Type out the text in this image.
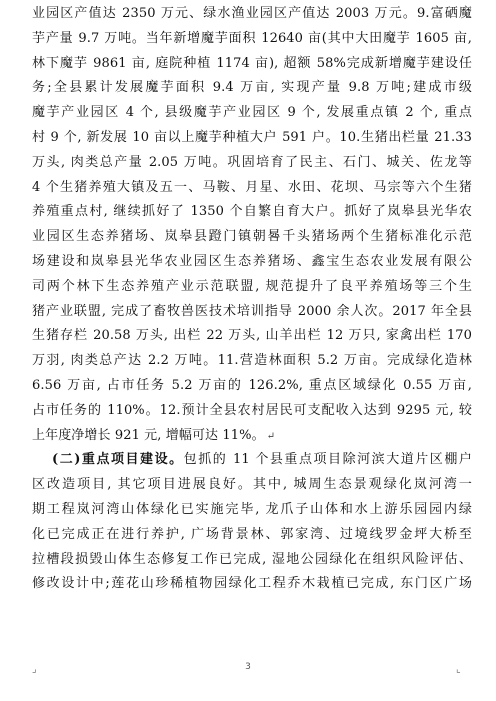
业园区产值达 2350 万元、绿水渔业园区产值达 2003 万元。9.富硒魔
芋产量 9.7 万吨。当年新增魔芋面积 12640 亩(其中大田魔芋 1605 亩,
林下魔芋 9861 亩, 庭院种植 1174 亩), 超额 58%完成新增魔芋建设任
务;全县累计发展魔芋面积 9.4 万亩, 实现产量 9.8 万吨;建成市级
魔芋产业园区 4 个, 县级魔芋产业园区 9 个, 发展重点镇 2 个, 重点
村 9 个, 新发展 10 亩以上魔芋种植大户 591 户。10.生猪出栏量 21.33
万头, 肉类总产量 2.05 万吨。巩固培育了民主、石门、城关、佐龙等
4 个生猪养殖大镇及五一、马鞍、月星、水田、花坝、马宗等六个生猪
养殖重点村, 继续抓好了 1350 个自繁自育大户。抓好了岚皋县光华农
业园区生态养猪场、岚皋县蹬门镇朝晷千头猪场两个生猪标准化示范
场建设和岚皋县光华农业园区生态养猪场、鑫宝生态农业发展有限公
司两个林下生态养殖产业示范联盟, 规范提升了良平养殖场等三个生
猪产业联盟, 完成了畜牧兽医技术培训指导 2000 余人次。2017 年全县
生猪存栏 20.58 万头, 出栏 22 万头, 山羊出栏 12 万只, 家禽出栏 170
万羽, 肉类总产达 2.2 万吨。11.营造林面积 5.2 万亩。完成绿化造林
6.56 万亩, 占市任务 5.2 万亩的 126.2%, 重点区域绿化 0.55 万亩,
占市任务的 110%。12.预计全县农村居民可支配收入达到 9295 元, 较
上年度净增长 921 元, 增幅可达 11%。 ↵
(二)重点项目建设。包抓的 11 个县重点项目除河滨大道片区棚户
区改造项目, 其它项目进展良好。其中, 城周生态景观绿化岚河湾一
期工程岚河湾山体绿化已实施完毕, 龙爪子山体和水上游乐园园内绿
化已完成正在进行养护, 广场背景林、郭家湾、过境线罗金坪大桥至
拉槽段损毁山体生态修复工作已完成, 湿地公园绿化在组织风险评估、
修改设计中;莲花山珍稀植物园绿化工程乔木栽植已完成, 东门区广场
⌟	⌞
3
